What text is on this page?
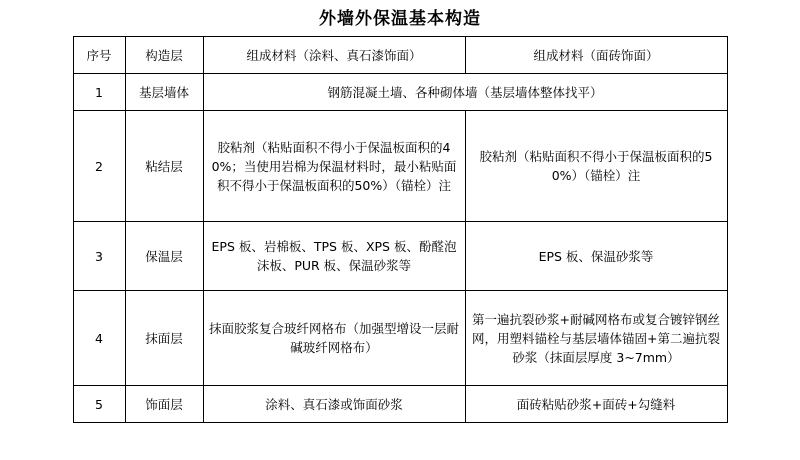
外墙外保温基本构造
序号	构造层	组成材料（涂料、真石漆饰面）	组成材料（面砖饰面）
1	基层墙体	钢筋混凝土墙、各种砌体墙（基层墙体整体找平）	
2	粘结层	胶粘剂（粘贴面积不得小于保温板面积的40%；当使用岩棉为保温材料时，最小粘贴面积不得小于保温板面积的50%）（锚栓）注	胶粘剂（粘贴面积不得小于保温板面积的50%）（锚栓）注
3	保温层	EPS 板、岩棉板、TPS 板、XPS 板、酚醛泡沫板、PUR 板、保温砂浆等	EPS 板、保温砂浆等
4	抹面层	抹面胶浆复合玻纤网格布（加强型增设一层耐碱玻纤网格布）	第一遍抗裂砂浆+耐碱网格布或复合镀锌钢丝网，用塑料锚栓与基层墙体锚固+第二遍抗裂砂浆（抹面层厚度 3~7mm）
5	饰面层	涂料、真石漆或饰面砂浆	面砖粘贴砂浆+面砖+勾缝料
